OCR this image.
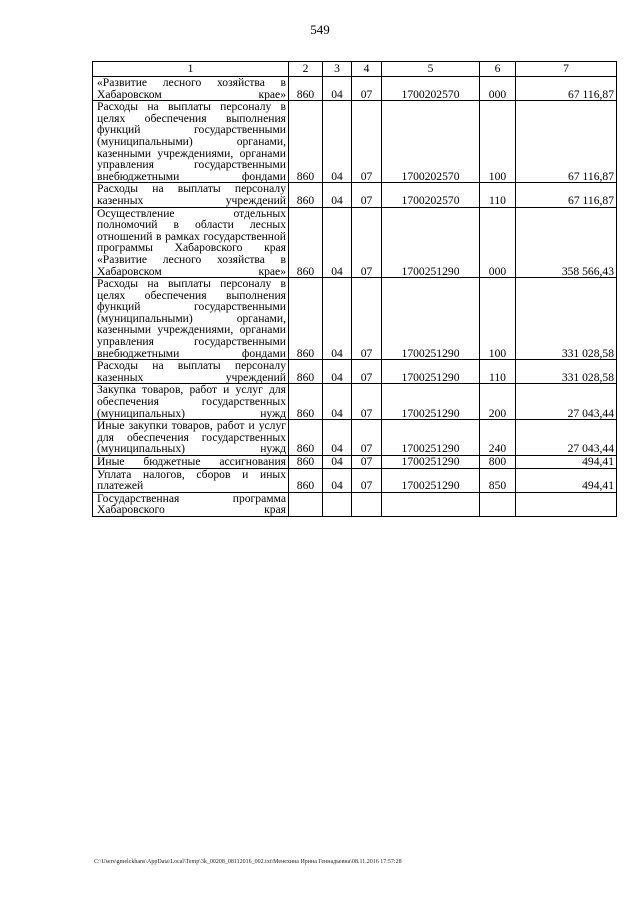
549
1	2	3	4	5	6	7
«Развитие лесного хозяйства в Хабаровском крае»	860	04	07	1700202570	000	67 116,87
Расходы на выплаты персоналу в целях обеспечения выполнения функций государственными (муниципальными) органами, казенными учреждениями, органами управления государственными внебюджетными фондами	860	04	07	1700202570	100	67 116,87
Расходы на выплаты персоналу казенных учреждений	860	04	07	1700202570	110	67 116,87
Осуществление отдельных полномочий в области лесных отношений в рамках государственной программы Хабаровского края «Развитие лесного хозяйства в Хабаровском крае»	860	04	07	1700251290	000	358 566,43
Расходы на выплаты персоналу в целях обеспечения выполнения функций государственными (муниципальными) органами, казенными учреждениями, органами управления государственными внебюджетными фондами	860	04	07	1700251290	100	331 028,58
Расходы на выплаты персоналу казенных учреждений	860	04	07	1700251290	110	331 028,58
Закупка товаров, работ и услуг для обеспечения государственных (муниципальных) нужд	860	04	07	1700251290	200	27 043,44
Иные закупки товаров, работ и услуг для обеспечения государственных (муниципальных) нужд	860	04	07	1700251290	240	27 043,44
Иные бюджетные ассигнования	860	04	07	1700251290	800	494,41
Уплата налогов, сборов и иных платежей	860	04	07	1700251290	850	494,41
Государственная программа Хабаровского края						
C:\Users\gmelckhans\AppData\Local\Temp\3k_00208_08112016_002.txt\Менехина Ирина Геннадьевна\08.11.2016 17:57:28
